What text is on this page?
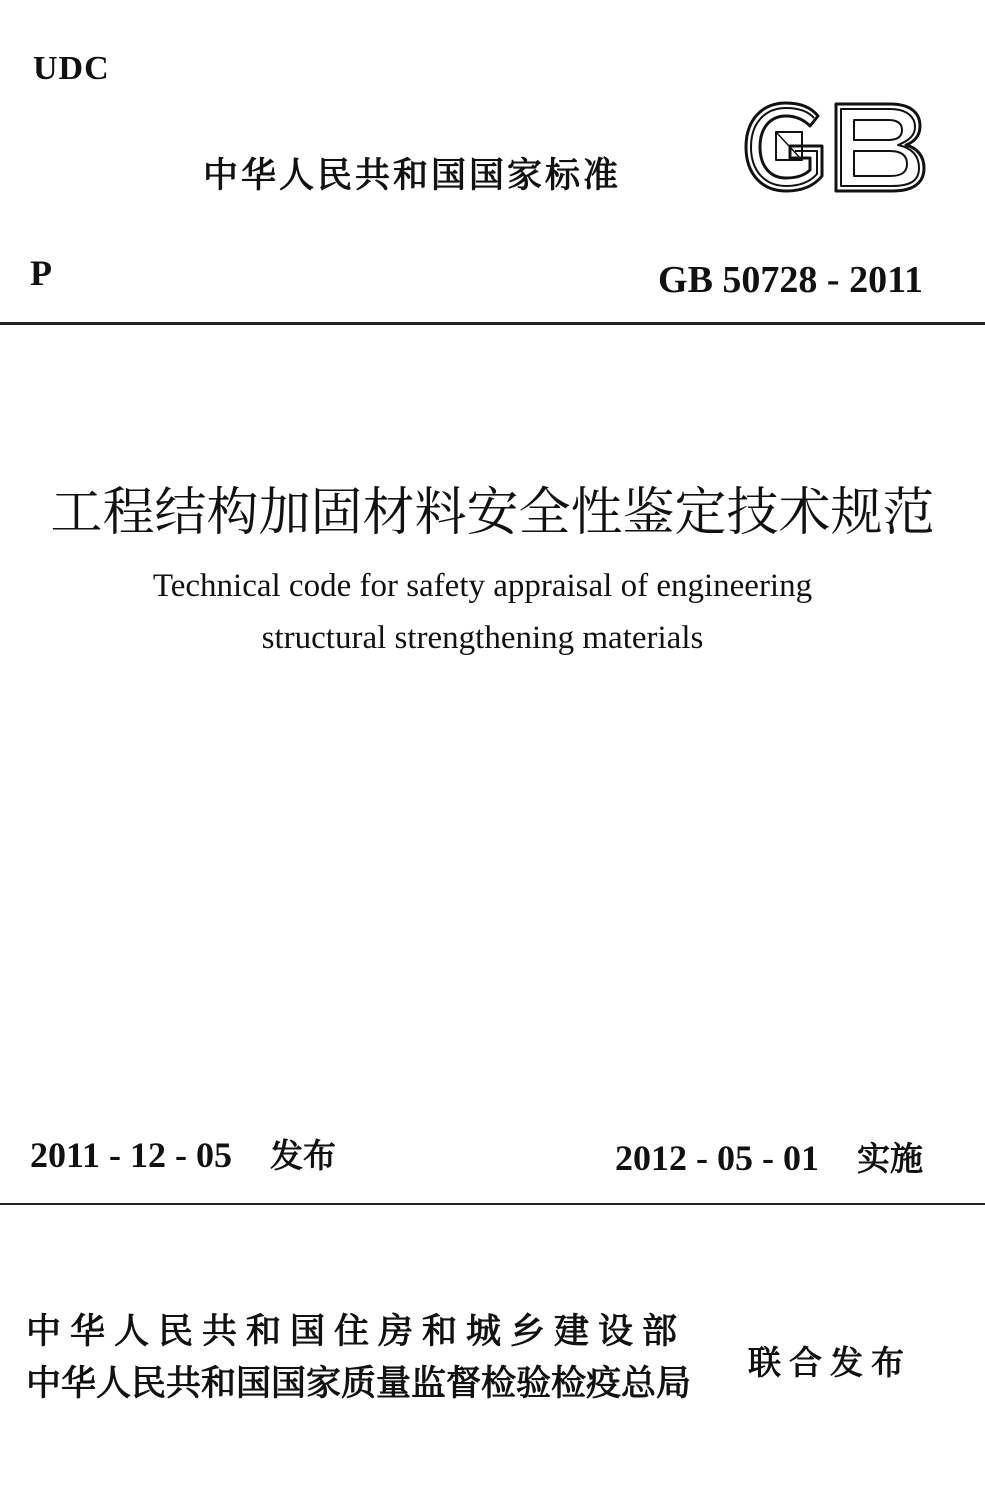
UDC
中华人民共和国国家标准
P	GB 50728 - 2011
工程结构加固材料安全性鉴定技术规范
Technical code for safety appraisal of engineering
structural strengthening materials
2011 - 12 - 05 发布	2012 - 05 - 01 实施
中华人民共和国住房和城乡建设部
中华人民共和国国家质量监督检验检疫总局
联合发布
